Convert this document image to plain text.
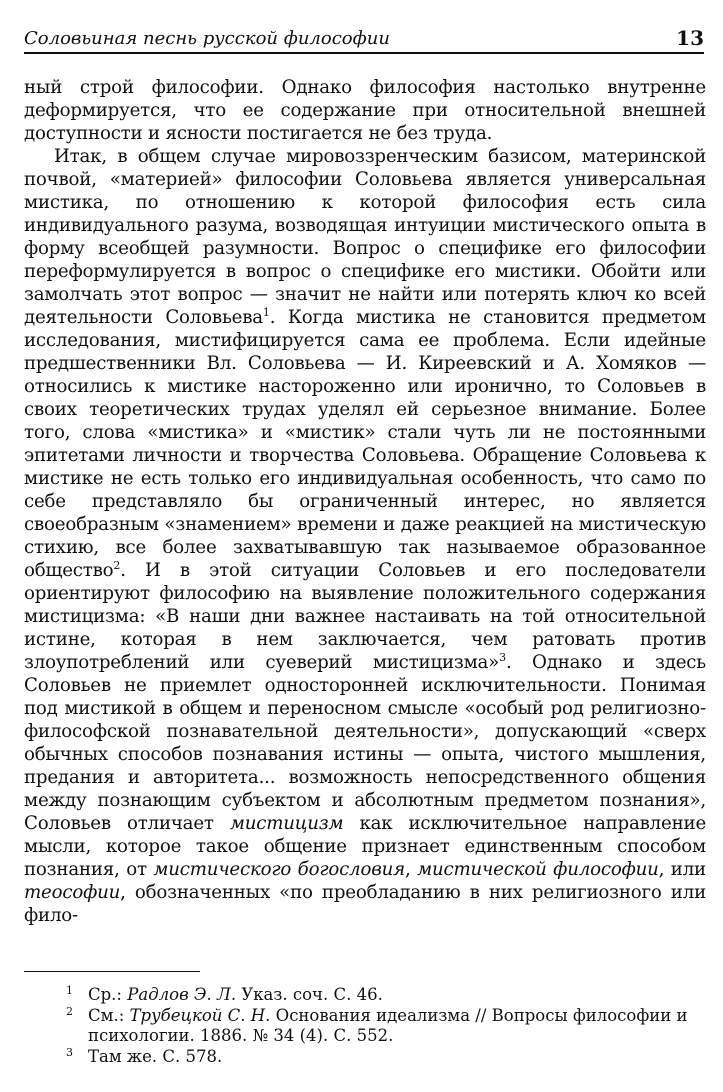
Соловьиная песнь русской философии	13

ный строй философии. Однако философия настолько внутренне деформируется, что ее содержание при относительной внешней доступности и ясности постигается не без труда.

Итак, в общем случае мировоззренческим базисом, материнской почвой, «материей» философии Соловьева является универсальная мистика, по отношению к которой философия есть сила индивидуального разума, возводящая интуиции мистического опыта в форму всеобщей разумности. Вопрос о специфике его философии переформулируется в вопрос о специфике его мистики. Обойти или замолчать этот вопрос — значит не найти или потерять ключ ко всей деятельности Соловьева$^1$. Когда мистика не становится предметом исследования, мистифицируется сама ее проблема. Если идейные предшественники Вл. Соловьева — И. Киреевский и А. Хомяков — относились к мистике настороженно или иронично, то Соловьев в своих теоретических трудах уделял ей серьезное внимание. Более того, слова «мистика» и «мистик» стали чуть ли не постоянными эпитетами личности и творчества Соловьева. Обращение Соловьева к мистике не есть только его индивидуальная особенность, что само по себе представляло бы ограниченный интерес, но является своеобразным «знамением» времени и даже реакцией на мистическую стихию, все более захватывавшую так называемое образованное общество$^2$. И в этой ситуации Соловьев и его последователи ориентируют философию на выявление положительного содержания мистицизма: «В наши дни важнее настаивать на той относительной истине, которая в нем заключается, чем ратовать против злоупотреблений или суеверий мистицизма»$^3$. Однако и здесь Соловьев не приемлет односторонней исключительности. Понимая под мистикой в общем и переносном смысле «особый род религиозно-философской познавательной деятельности», допускающий «сверх обычных способов познавания истины — опыта, чистого мышления, предания и авторитета... возможность непосредственного общения между познающим субъектом и абсолютным предметом познания», Соловьев отличает мистицизм как исключительное направление мысли, которое такое общение признает единственным способом познания, от мистического богословия, мистической философии, или теософии, обозначенных «по преобладанию в них религиозного или фило-

1 Ср.: Радлов Э. Л. Указ. соч. С. 46.
2 См.: Трубецкой С. Н. Основания идеализма // Вопросы философии и психологии. 1886. № 34 (4). С. 552.
3 Там же. С. 578.
